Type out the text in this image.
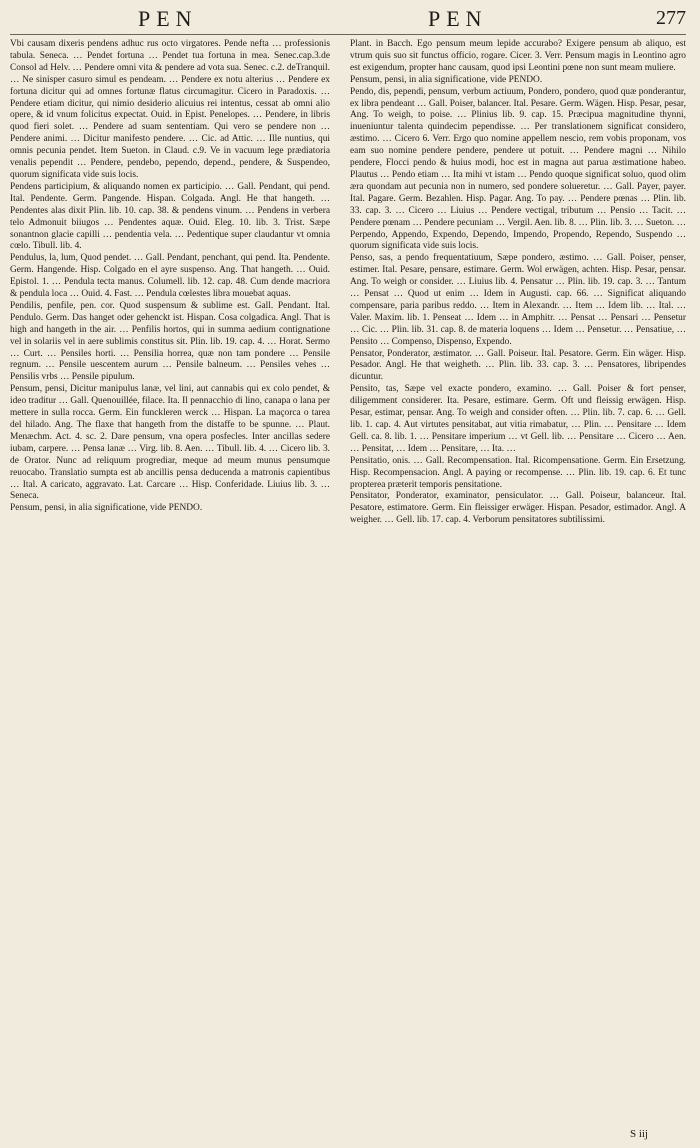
PEN	PEN	277

Vbi causam dixeris pendens adhuc rus octo virgatores. Pende nefta … professionis tabula. Seneca. … Pendet fortuna … Pendet tua fortuna in mea. Senec.cap.3.de Consol ad Helv. … Pendere omni vita & pendere ad vota sua. Senec. c.2. deTranquil. … Ne sinisper casuro simul es pendeam. … Pendere ex notu alterius … Pendere ex fortuna dicitur qui ad omnes fortunæ flatus circumagitur. Cicero in Paradoxis. … Pendere etiam dicitur, qui nimio desiderio alicuius rei intentus, cessat ab omni alio opere, & id vnum folicitus expectat. Ouid. in Epist. Penelopes. … Pendere, in libris quod fieri solet. … Pendere ad suam sententiam. Qui vero se pendere non … Pendere animi. … Dicitur manifesto pendere. … Cic. ad Attic. … Ille nuntius, qui omnis pecunia pendet. Item Sueton. in Claud. c.9. Ve in vacuum lege prædiatoria venalis pependit … Pendere, pendebo, pependo, depend., pendere, & Suspendeo, quorum significata vide suis locis.

Pendens participium, & aliquando nomen ex participio. … Gall. Pendant, qui pend. Ital. Pendente. Germ. Pangende. Hispan. Colgada. Angl. He that hangeth. … Pendentes alas dixit Plin. lib. 10. cap. 38. & pendens vinum. … Pendens in verbera telo Admonuit biiugos … Pendentes aquæ. Ouid. Eleg. 10. lib. 3. Trist. Sæpe sonantnon glacie capilli … pendentia vela. … Pedentique super claudantur vt omnia cœlo. Tibull. lib. 4.

Pendulus, la, lum, Quod pendet. … Gall. Pendant, penchant, qui pend. Ita. Pendente. Germ. Hangende. Hisp. Colgado en el ayre suspenso. Ang. That hangeth. … Ouid. Epistol. 1. … Pendula tecta manus. Columell. lib. 12. cap. 48. Cum dende macriora & pendula loca … Ouid. 4. Fast. … Pendula cœlestes libra mouebat aquas.

Pendilis, penfile, pen. cor. Quod suspensum & sublime est. Gall. Pendant. Ital. Pendulo. Germ. Das hanget oder gehenckt ist. Hispan. Cosa colgadica. Angl. That is high and hangeth in the air. … Penfilis hortos, qui in summa aedium contignatione vel in solariis vel in aere sublimis constitus sit. Plin. lib. 19. cap. 4. … Horat. Sermo … Curt. … Pensiles horti. … Pensilia horrea, quæ non tam pondere … Pensile regnum. … Pensile uescentem aurum … Pensile balneum. … Pensiles vehes … Pensilis vrbs … Pensile pipulum.

Pensum, pensi, Dicitur manipulus lanæ, vel lini, aut cannabis qui ex colo pendet, & ideo traditur … Gall. Quenouillée, filace. Ita. Il pennacchio di lino, canapa o lana per mettere in sulla rocca. Germ. Ein funckleren werck … Hispan. La maçorca o tarea del hilado. Ang. The flaxe that hangeth from the distaffe to be spunne. … Plaut. Menæchm. Act. 4. sc. 2. Dare pensum, vna opera posfecles. Inter ancillas sedere iubam, carpere. … Pensa lanæ … Virg. lib. 8. Aen. … Tibull. lib. 4. … Cicero lib. 3. de Orator. Nunc ad reliquum progrediar, meque ad meum munus pensumque reuocabo. Translatio sumpta est ab ancillis pensa deducenda a matronis capientibus … Ital. A caricato, aggravato. Lat. Carcare … Hisp. Conferidade. Liuius lib. 3. … Seneca.

Pensum, pensi, in alia significatione, vide PENDO.

Plant. in Bacch. Ego pensum meum lepide accurabo? Exigere pensum ab aliquo, est vtrum quis suo sit functus officio, rogare. Cicer. 3. Verr. Pensum magis in Leontino agro est exigendum, propter hanc causam, quod ipsi Leontini pœne non sunt meam muliere.

Pensum, pensi, in alia significatione, vide PENDO.

Pendo, dis, pependi, pensum, verbum actiuum, Pondero, pondero, quod quæ ponderantur, ex libra pendeant … Gall. Poiser, balancer. Ital. Pesare. Germ. Wägen. Hisp. Pesar, pesar, Ang. To weigh, to poise. … Plinius lib. 9. cap. 15. Præcipua magnitudine thynni, inueniuntur talenta quindecim pependisse. … Per translationem significat considero, æstimo. … Cicero 6. Verr. Ergo quo nomine appellem nescio, rem vobis proponam, vos eam suo nomine pendere pendere, pendere ut potuit. … Pendere magni … Nihilo pendere, Flocci pendo & huius modi, hoc est in magna aut parua æstimatione habeo. Plautus … Pendo etiam … Ita mihi vt istam … Pendo quoque significat soluo, quod olim æra quondam aut pecunia non in numero, sed pondere solueretur. … Gall. Payer, payer. Ital. Pagare. Germ. Bezahlen. Hisp. Pagar. Ang. To pay. … Pendere pœnas … Plin. lib. 33. cap. 3. … Cicero … Liuius … Pendere vectigal, tributum … Pensio … Tacit. … Pendere pœnam … Pendere pecuniam … Vergil. Aen. lib. 8. … Plin. lib. 3. … Sueton. … Perpendo, Appendo, Expendo, Dependo, Impendo, Propendo, Rependo, Suspendo … quorum significata vide suis locis.

Penso, sas, a pendo frequentatiuum, Sæpe pondero, æstimo. … Gall. Poiser, penser, estimer. Ital. Pesare, pensare, estimare. Germ. Wol erwägen, achten. Hisp. Pesar, pensar. Ang. To weigh or consider. … Liuius lib. 4. Pensatur … Plin. lib. 19. cap. 3. … Tantum … Pensat … Quod ut enim … Idem in Augusti. cap. 66. … Significat aliquando compensare, paria paribus reddo. … Item in Alexandr. … Item … Idem lib. … Ital. … Valer. Maxim. lib. 1. Penseat … Idem … in Amphitr. … Pensat … Pensari … Pensetur … Cic. … Plin. lib. 31. cap. 8. de materia loquens … Idem … Pensetur. … Pensatiue, … Pensito … Compenso, Dispenso, Expendo.

Pensator, Ponderator, æstimator. … Gall. Poiseur. Ital. Pesatore. Germ. Ein wäger. Hisp. Pesador. Angl. He that weigheth. … Plin. lib. 33. cap. 3. … Pensatores, libripendes dicuntur.

Pensito, tas, Sæpe vel exacte pondero, examino. … Gall. Poiser & fort penser, diligemment considerer. Ita. Pesare, estimare. Germ. Oft und fleissig erwägen. Hisp. Pesar, estimar, pensar. Ang. To weigh and consider often. … Plin. lib. 7. cap. 6. … Gell. lib. 1. cap. 4. Aut virtutes pensitabat, aut vitia rimabatur, … Plin. … Pensitare … Idem Gell. ca. 8. lib. 1. … Pensitare imperium … vt Gell. lib. … Pensitare … Cicero … Aen. … Pensitat, … Idem … Pensitare, … Ita. …

Pensitatio, onis. … Gall. Recompensation. Ital. Ricompensatione. Germ. Ein Ersetzung. Hisp. Recompensacion. Angl. A paying or recompense. … Plin. lib. 19. cap. 6. Et tunc propterea præterit temporis pensitatione.

Pensitator, Ponderator, examinator, pensiculator. … Gall. Poiseur, balanceur. Ital. Pesatore, estimatore. Germ. Ein fleissiger erwäger. Hispan. Pesador, estimador. Angl. A weigher. … Gell. lib. 17. cap. 4. Verborum pensitatores subtilissimi.

S iij
